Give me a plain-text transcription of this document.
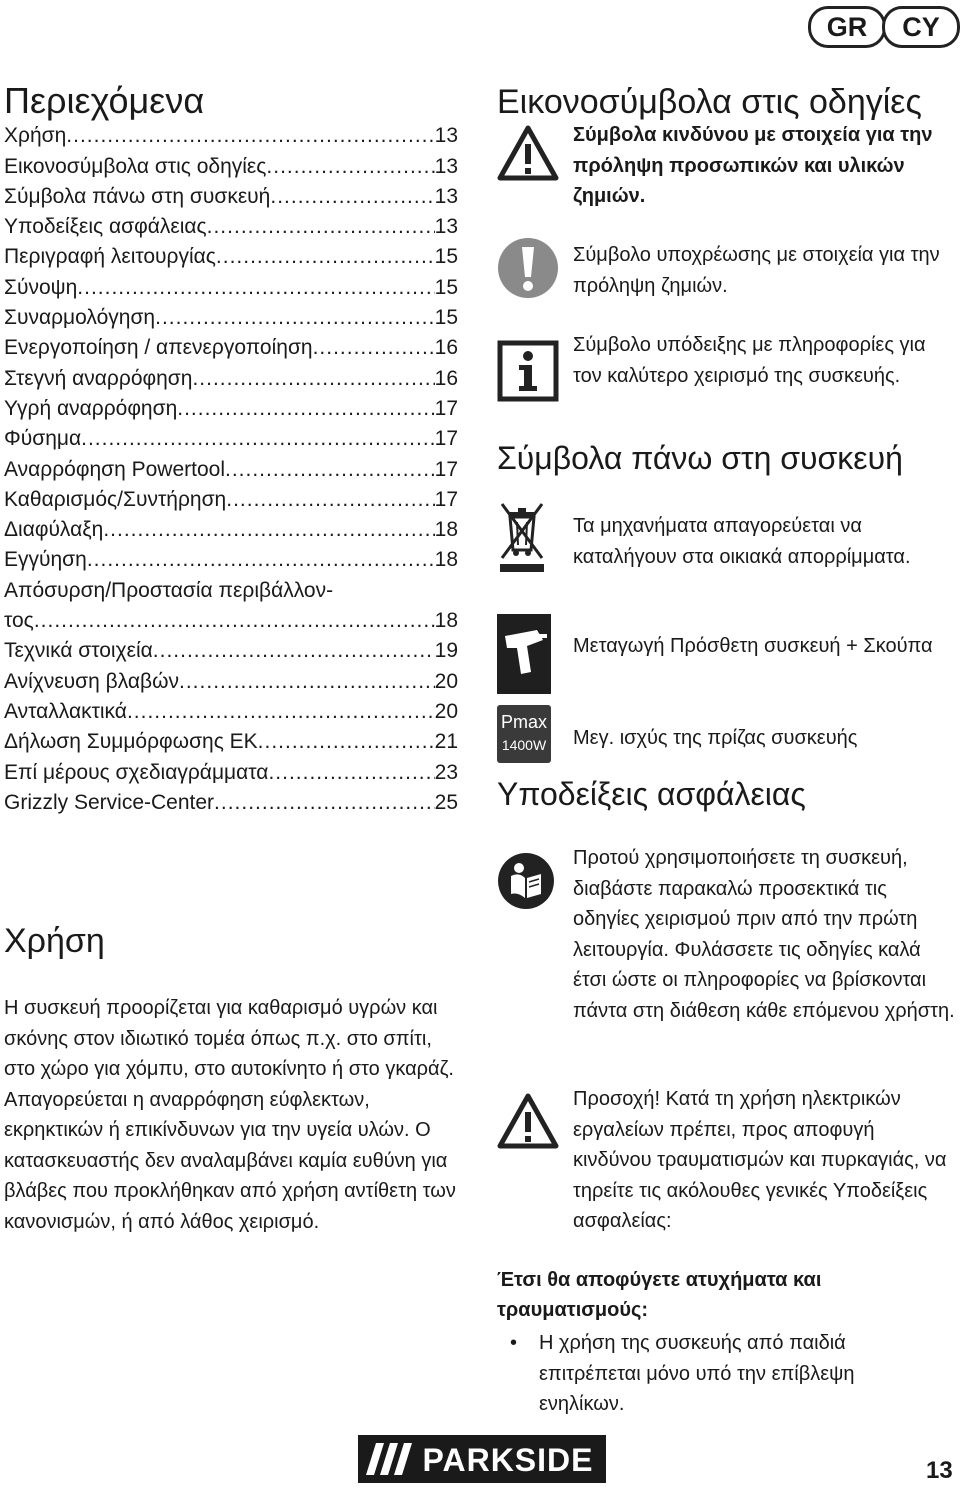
GR	CY
Περιεχόμενα
Χρήση .....	13
Εικονοσύμβολα στις οδηγίες .....	13
Σύμβολα πάνω στη συσκευή .....	13
Υποδείξεις ασφάλειας .....	13
Περιγραφή λειτουργίας .....	15
Σύνοψη .....	15
Συναρμολόγηση .....	15
Ενεργοποίηση / απενεργοποίηση .....	16
Στεγνή αναρρόφηση .....	16
Υγρή αναρρόφηση .....	17
Φύσημα .....	17
Αναρρόφηση Powertool .....	17
Καθαρισμός/Συντήρηση .....	17
Διαφύλαξη .....	18
Εγγύηση .....	18
Απόσυρση/Προστασία περιβάλλον-
τος .....	18
Τεχνικά στοιχεία .....	19
Ανίχνευση βλαβών .....	20
Ανταλλακτικά .....	20
Δήλωση Συμμόρφωσης ΕΚ .....	21
Επί μέρους σχεδιαγράμματα .....	23
Grizzly Service-Center .....	25
Χρήση
Η συσκευή προορίζεται για καθαρισμό υγρών και σκόνης στον ιδιωτικό τομέα όπως π.χ. στο σπίτι, στο χώρο για χόμπυ, στο αυτοκίνητο ή στο γκαράζ. Απαγορεύεται η αναρρόφηση εύφλεκτων, εκρηκτικών ή επικίνδυνων για την υγεία υλών. Ο κατασκευαστής δεν αναλαμβάνει καμία ευθύνη για βλάβες που προκλήθηκαν από χρήση αντίθετη των κανονισμών, ή από λάθος χειρισμό.
Εικονοσύμβολα στις οδηγίες
Σύμβολα κινδύνου με στοιχεία για την πρόληψη προσωπικών και υλικών ζημιών.
Σύμβολο υποχρέωσης με στοιχεία για την πρόληψη ζημιών.
Σύμβολο υπόδειξης με πληροφορίες για τον καλύτερο χειρισμό της συσκευής.
Σύμβολα πάνω στη συσκευή
Τα μηχανήματα απαγορεύεται να καταλήγουν στα οικιακά απορρίμματα.
Μεταγωγή Πρόσθετη συσκευή + Σκούπα
Pmax
1400W Μεγ. ισχύς της πρίζας συσκευής
Υποδείξεις ασφάλειας
Προτού χρησιμοποιήσετε τη συσκευή, διαβάστε παρακαλώ προσεκτικά τις οδηγίες χειρισμού πριν από την πρώτη λειτουργία. Φυλάσσετε τις οδηγίες καλά έτσι ώστε οι πληροφορίες να βρίσκονται πάντα στη διάθεση κάθε επόμενου χρήστη.
Προσοχή! Κατά τη χρήση ηλεκτρικών εργαλείων πρέπει, προς αποφυγή κινδύνου τραυματισμών και πυρκαγιάς, να τηρείτε τις ακόλουθες γενικές Υποδείξεις ασφαλείας:
Έτσι θα αποφύγετε ατυχήματα και τραυματισμούς:
• Η χρήση της συσκευής από παιδιά επιτρέπεται μόνο υπό την επίβλεψη ενηλίκων.
PARKSIDE	13
